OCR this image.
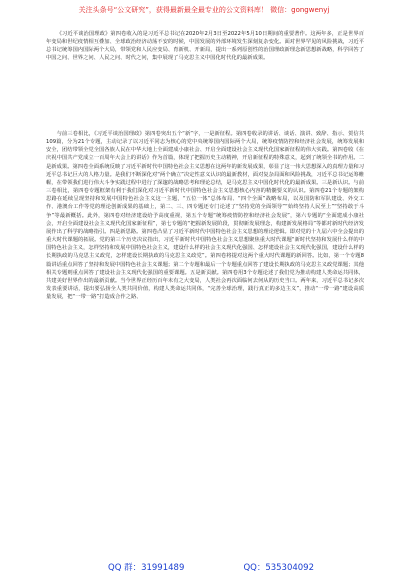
关注头条号“公文研究”，获得最新最全最专业的公文资料库！ 微信：gongwenyj

《习近平谈治国理政》第四卷收入的是习近平总书记在2020年2月3日至2022年5月10日期间的重要著作。这两年多，正是世界百年变局和世纪疫情相互叠加、全球政治经济动荡不安的时候，中国发展的外部环境发生深刻复杂变化。面对世界罕见的风险挑战，习近平总书记统筹国内国际两个大局，带领党和人民应变局、育新机、开新局，提出一系列原创性的治国理政新理念新思想新战略，科学回答了中国之问、世界之问、人民之问、时代之问，集中展现了马克思主义中国化时代化的最新成果。

与前三卷相比，《习近平谈治国理政》第四卷突出五个“新”字，一是新征程。第四卷收录的讲话、谈话、演讲、致辞、指示、贺信共109篇，分为21个专题，主动记录了以习近平同志为核心的党中央统筹国内国际两个大局，统筹疫情防控和经济社会发展，统筹发展和安全，团结带领全党全国各族人民在中华大地上全面建成小康社会、开启全面建设社会主义现代化国家新征程的伟大实践。第四卷收《在庆祝中国共产党成立一百周年大会上的讲话》作为首篇，体现了把握历史主动精神，开启新征程的特殊意义，起到了统领全书的作用。二是新成果。第四卷全面系统反映了习近平新时代中国特色社会主义思想在这两年的新发展成果，彰显了这一伟大思想深入的真理力量和习近平总书记巨大的人格力量。是我们不断深化对“两个确立”决定性意义认识的最新教材，面对复杂局面和风险挑战，习近平总书记运筹帷幄，在带领我们进行伟大斗争实践过程中进行了深邃的战略思考和理论总结，是马克思主义中国化时代化的最新成果。三是新认识。与前三卷相比，第四卷专题框架有利于我们深化对习近平新时代中国特色社会主义思想核心内容的精髓要义的认识。第四卷21个专题的架构思路在延续呈现坚持和发展中国特色社会主义这一主题，“五位一体”总体布局、“四个全面”战略布局，以及国防和军队建设、外交工作、港澳台工作等党的理论创新成果的基础上，第二、三、四专题还专门论述了“坚持党的全面领导”“始终坚持人民至上”“坚持敢于斗争”等最新概括。此外，第四卷对经济建设给予高度重视，第五个专题“统筹疫情防控和经济社会发展”，第六专题的“全面建成小康社会，开启全面建设社会主义现代化国家新征程”，第七专题的“把握新发展阶段，贯彻新发展理念，构建新发展格局”等都对新时代经济发展作出了科学的战略指引。四是新思路。第四卷凸显了习近平新时代中国特色社会主义思想的理论逻辑。即对党的十九届六中全会提出的重大时代课题的拓展。党的第三个历史决议指出，习近平新时代中国特色社会主义思想聚焦重大时代课题“新时代坚持和发展什么样的中国特色社会主义，怎样坚持和发展中国特色社会主义，建设什么样的社会主义现代化强国、怎样建设社会主义现代化强国，建设什么样的长期执政的马克思主义政党，怎样建设长期执政的马克思主义政党”。第四卷将提对这两个重大时代课题的新回答。比如，第一个专题8篇讲话重点回答了坚持和发展中国特色社会主义课题；第二个专题和最后一个专题重点回答了建设长期执政的马克思主义政党课题；其他相关专题则重点回答了建设社会主义现代化强国的重要课题。五是新贡献。第四卷用3个专题论述了我们党为推动构建人类命运共同体，共建美好世界作出的最新贡献。当今世界正经历百年未有之大变局，人类社会再次面临何去何从的历史当口。两年来，习近平总书记多次发表重要讲话，提出要弘扬全人类共同价值，构建人类命运共同体，“完善全球治理，践行真正的多边主义”，推动“一带一路”建设高质量发展，把“一带一路”打造成合作之路、

QQ 群：31991489	QQ：535304092
